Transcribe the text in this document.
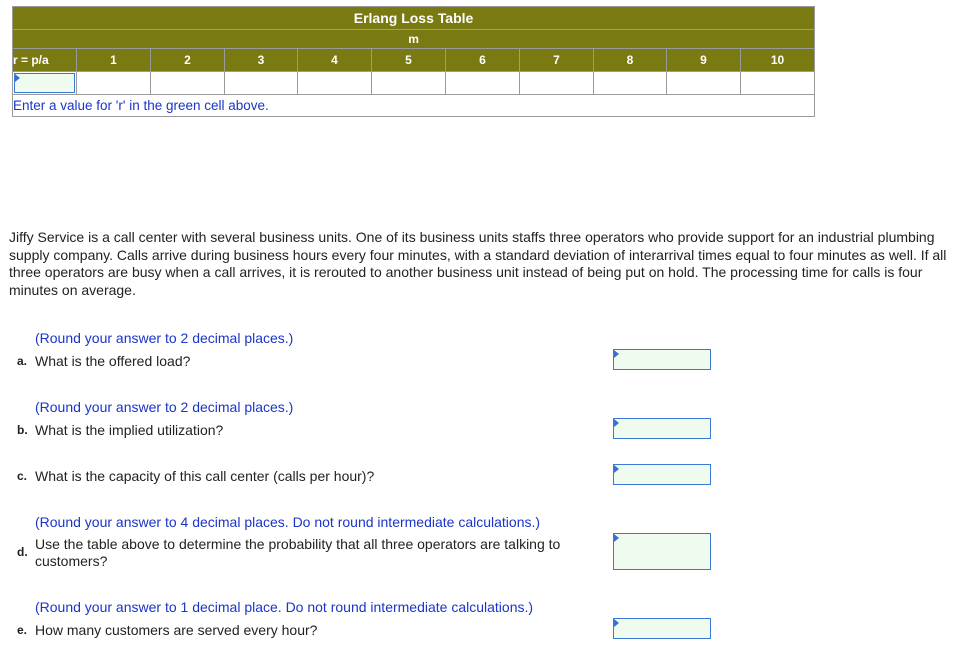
Erlang Loss Table										
m										
r = p/a	1	2	3	4	5	6	7	8	9	10

Enter a value for 'r' in the green cell above.										

Jiffy Service is a call center with several business units. One of its business units staffs three operators who provide support for an industrial plumbing supply company. Calls arrive during business hours every four minutes, with a standard deviation of interarrival times equal to four minutes as well. If all three operators are busy when a call arrives, it is rerouted to another business unit instead of being put on hold. The processing time for calls is four minutes on average.

(Round your answer to 2 decimal places.)
a. What is the offered load?
(Round your answer to 2 decimal places.)
b. What is the implied utilization?
c. What is the capacity of this call center (calls per hour)?
(Round your answer to 4 decimal places. Do not round intermediate calculations.)
d. Use the table above to determine the probability that all three operators are talking to customers?
(Round your answer to 1 decimal place. Do not round intermediate calculations.)
e. How many customers are served every hour?
